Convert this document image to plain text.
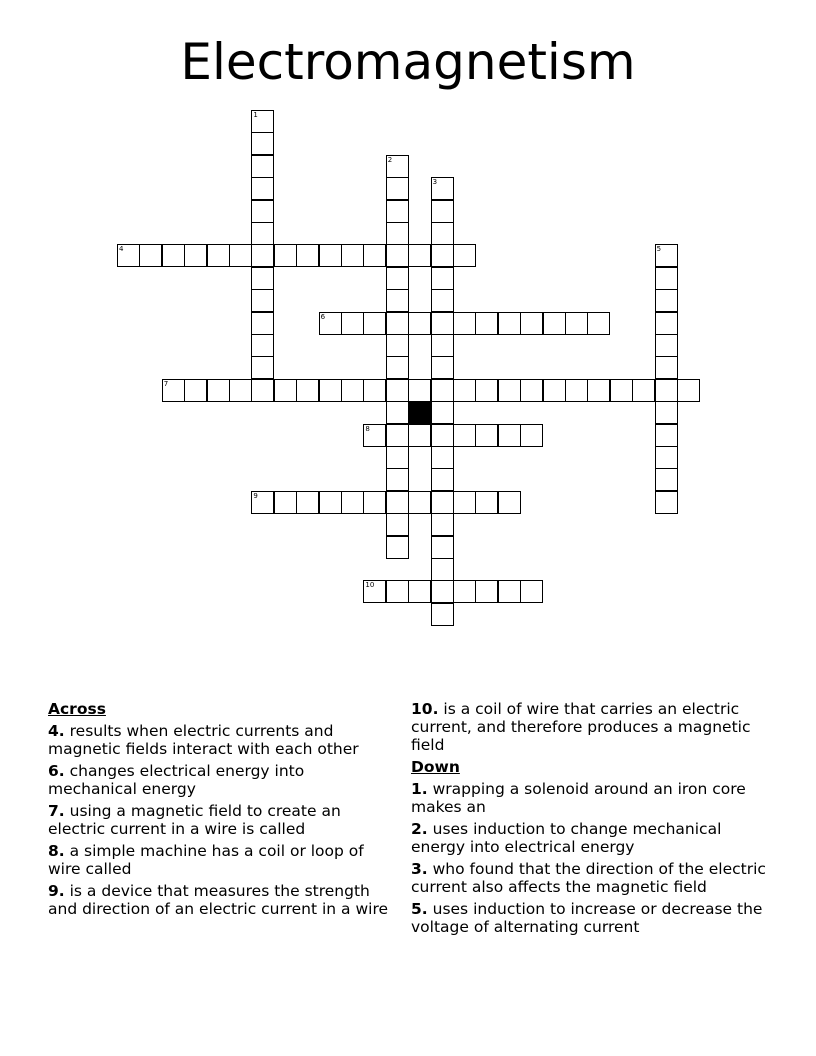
Electromagnetism
1
2
3
4	5
6
7
8
9
10
Across
4. results when electric currents and magnetic fields interact with each other
6. changes electrical energy into mechanical energy
7. using a magnetic field to create an electric current in a wire is called
8. a simple machine has a coil or loop of wire called
9. is a device that measures the strength and direction of an electric current in a wire
10. is a coil of wire that carries an electric current, and therefore produces a magnetic field
Down
1. wrapping a solenoid around an iron core makes an
2. uses induction to change mechanical energy into electrical energy
3. who found that the direction of the electric current also affects the magnetic field
5. uses induction to increase or decrease the voltage of alternating current
